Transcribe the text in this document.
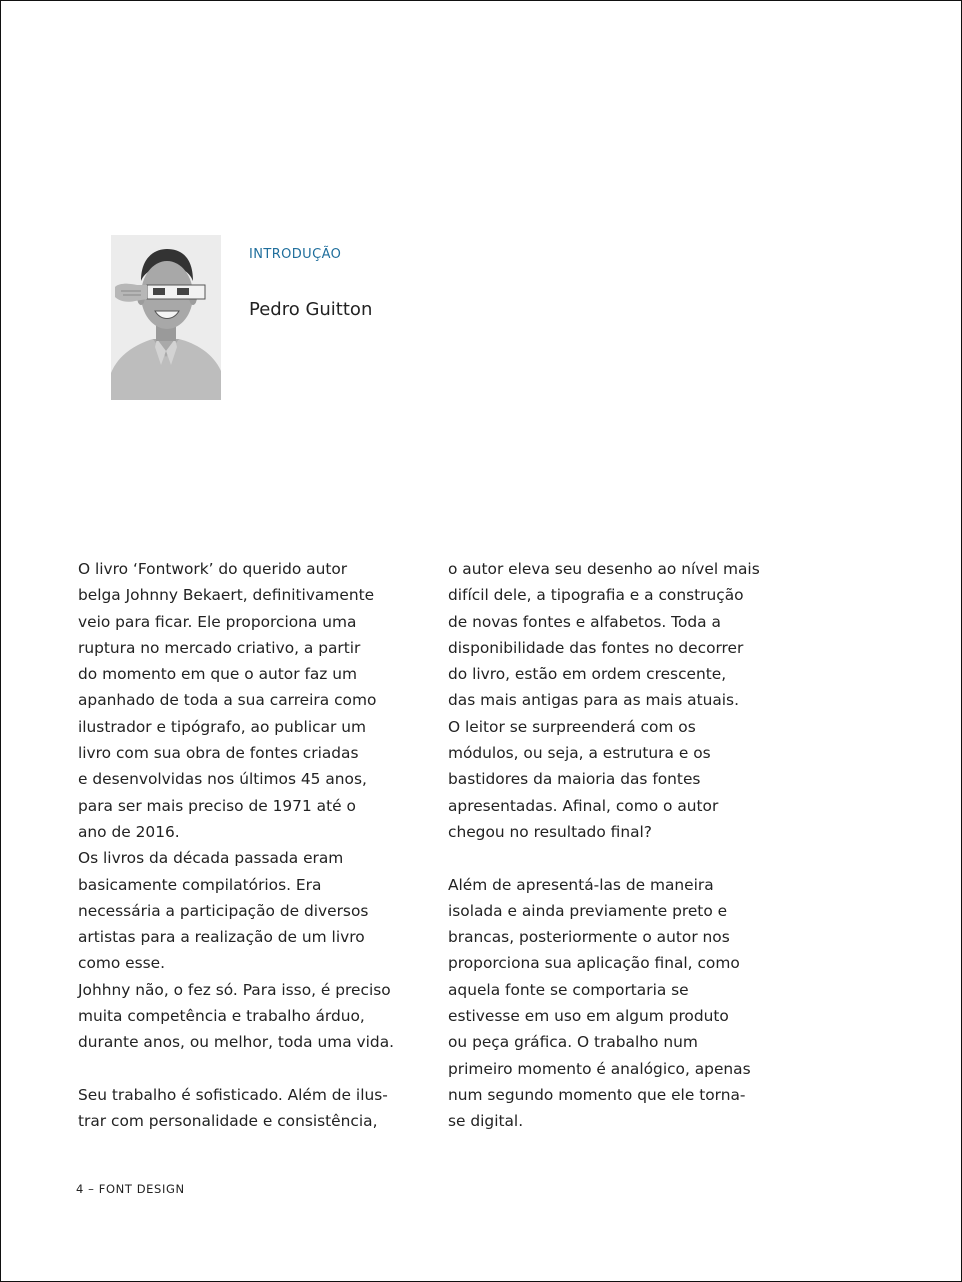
INTRODUÇÃO
Pedro Guitton

O livro ‘Fontwork’ do querido autor

belga Johnny Bekaert, definitivamente

veio para ficar. Ele proporciona uma

ruptura no mercado criativo, a partir

do momento em que o autor faz um

apanhado de toda a sua carreira como

ilustrador e tipógrafo, ao publicar um

livro com sua obra de fontes criadas

e desenvolvidas nos últimos 45 anos,

para ser mais preciso de 1971 até o

ano de 2016.

Os livros da década passada eram

basicamente compilatórios. Era

necessária a participação de diversos

artistas para a realização de um livro

como esse.

Johhny não, o fez só. Para isso, é preciso

muita competência e trabalho árduo,

durante anos, ou melhor, toda uma vida.

Seu trabalho é sofisticado. Além de ilus-

trar com personalidade e consistência,

o autor eleva seu desenho ao nível mais

difícil dele, a tipografia e a construção

de novas fontes e alfabetos. Toda a

disponibilidade das fontes no decorrer

do livro, estão em ordem crescente,

das mais antigas para as mais atuais.

O leitor se surpreenderá com os

módulos, ou seja, a estrutura e os

bastidores da maioria das fontes

apresentadas. Afinal, como o autor

chegou no resultado final?

Além de apresentá-las de maneira

isolada e ainda previamente preto e

brancas, posteriormente o autor nos

proporciona sua aplicação final, como

aquela fonte se comportaria se

estivesse em uso em algum produto

ou peça gráfica. O trabalho num

primeiro momento é analógico, apenas

num segundo momento que ele torna-

se digital.

4 – FONT DESIGN
